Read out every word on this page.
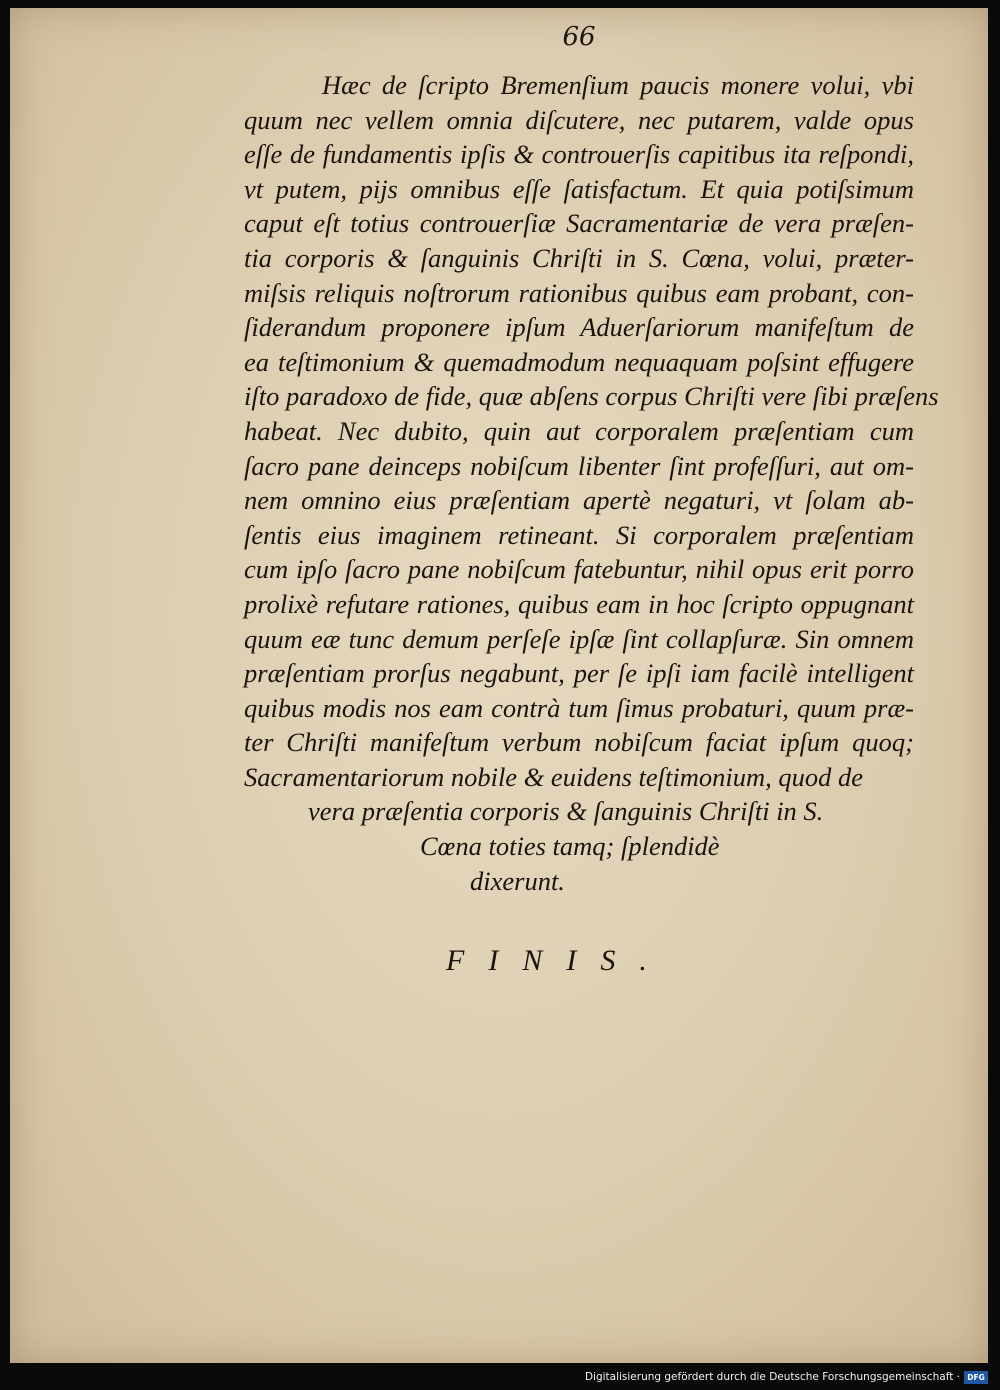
66
Hæc de ſcripto Bremenſium paucis monere volui, vbi
quum nec vellem omnia diſcutere, nec putarem, valde opus
eſſe de fundamentis ipſis & controuerſis capitibus ita reſpondi,
vt putem, pijs omnibus eſſe ſatisfactum. Et quia potiſsimum
caput eſt totius controuerſiæ Sacramentariæ de vera præſen-
tia corporis & ſanguinis Chriſti in S. Cœna, volui, præter-
miſsis reliquis noſtrorum rationibus quibus eam probant, con-
ſiderandum proponere ipſum Aduerſariorum manifeſtum de
ea teſtimonium & quemadmodum nequaquam poſsint effugere
iſto paradoxo de fide, quæ abſens corpus Chriſti vere ſibi præſens
habeat. Nec dubito, quin aut corporalem præſentiam cum
ſacro pane deinceps nobiſcum libenter ſint profeſſuri, aut om-
nem omnino eius præſentiam apertè negaturi, vt ſolam ab-
ſentis eius imaginem retineant. Si corporalem præſentiam
cum ipſo ſacro pane nobiſcum fatebuntur, nihil opus erit porro
prolixè refutare rationes, quibus eam in hoc ſcripto oppugnant
quum eæ tunc demum perſeſe ipſæ ſint collapſuræ. Sin omnem
præſentiam prorſus negabunt, per ſe ipſi iam facilè intelligent
quibus modis nos eam contrà tum ſimus probaturi, quum præ-
ter Chriſti manifeſtum verbum nobiſcum faciat ipſum quoq;
Sacramentariorum nobile & euidens teſtimonium, quod de
vera præſentia corporis & ſanguinis Chriſti in S.
Cœna toties tamq; ſplendidè
dixerunt.
FINIS.
Digitalisierung gefördert durch die Deutsche Forschungsgemeinschaft · DFG
